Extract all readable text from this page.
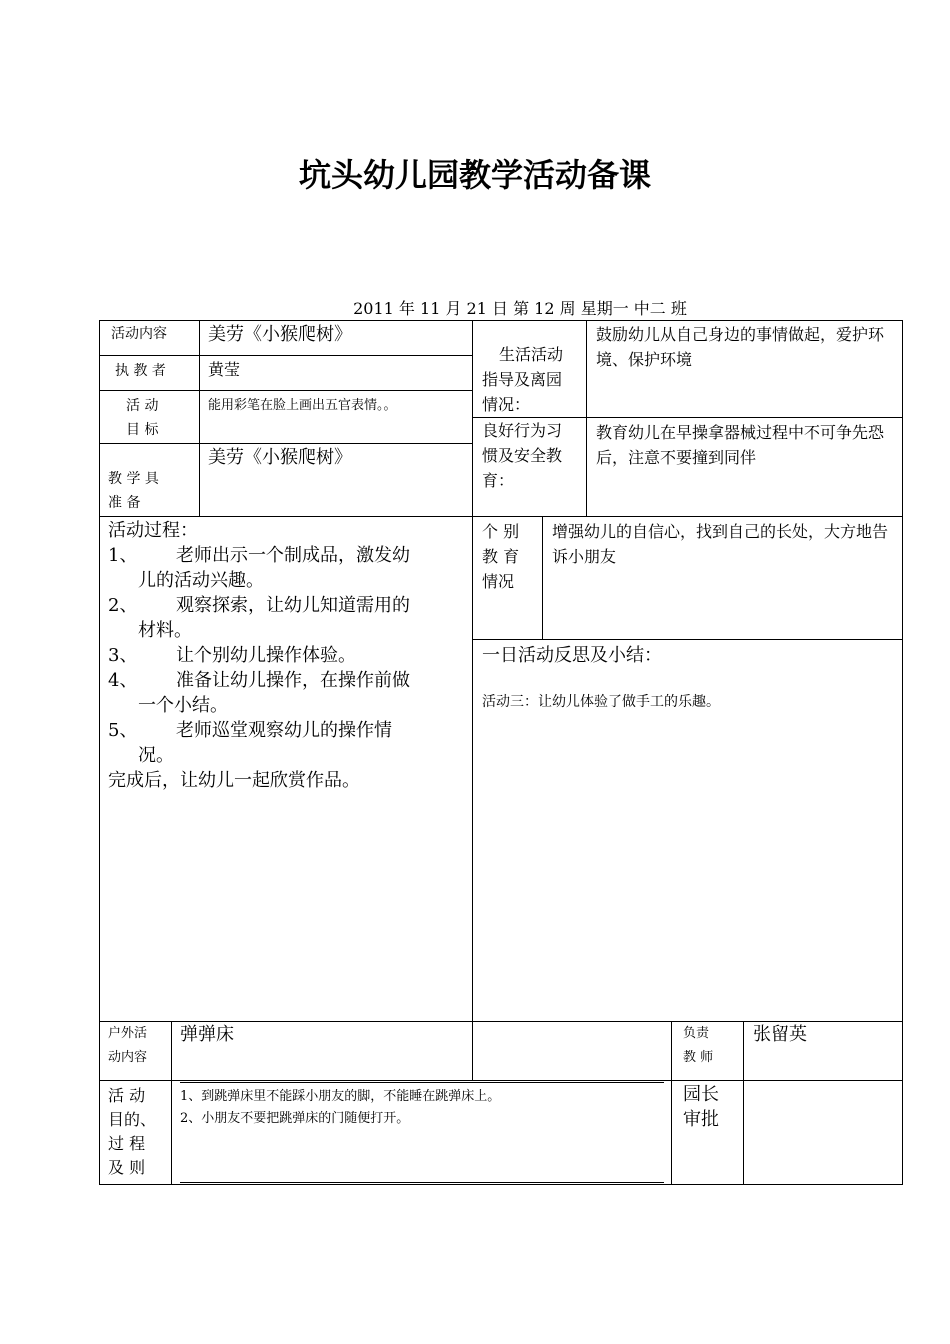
坑头幼儿园教学活动备课
2011 年 11 月 21 日 第 12 周 星期一 中二 班
活动内容 美劳《小猴爬树》
执 教 者	黄莹
活 动
目 标
能用彩笔在脸上画出五官表情。。
美劳《小猴爬树》
教 学 具
准 备
生活活动
指导及离园
情况：
鼓励幼儿从自己身边的事情做起，爱护环境、保护环境
良好行为习
惯及安全教
育：
教育幼儿在早操拿器械过程中不可争先恐后，注意不要撞到同伴
活动过程：
1、 老师出示一个制成品，激发幼
儿的活动兴趣。
2、 观察探索，让幼儿知道需用的
材料。
3、 让个别幼儿操作体验。
4、 准备让幼儿操作，在操作前做
一个小结。
5、 老师巡堂观察幼儿的操作情
况。
完成后，让幼儿一起欣赏作品。
个 别
教 育
情况
增强幼儿的自信心，找到自己的长处，大方地告诉小朋友
一日活动反思及小结：
活动三：让幼儿体验了做手工的乐趣。
户外活
动内容
弹弹床	负责
教 师
张留英
活 动
目的、
过 程
及 则
1、到跳弹床里不能踩小朋友的脚，不能睡在跳弹床上。
2、小朋友不要把跳弹床的门随便打开。
园长
审批
